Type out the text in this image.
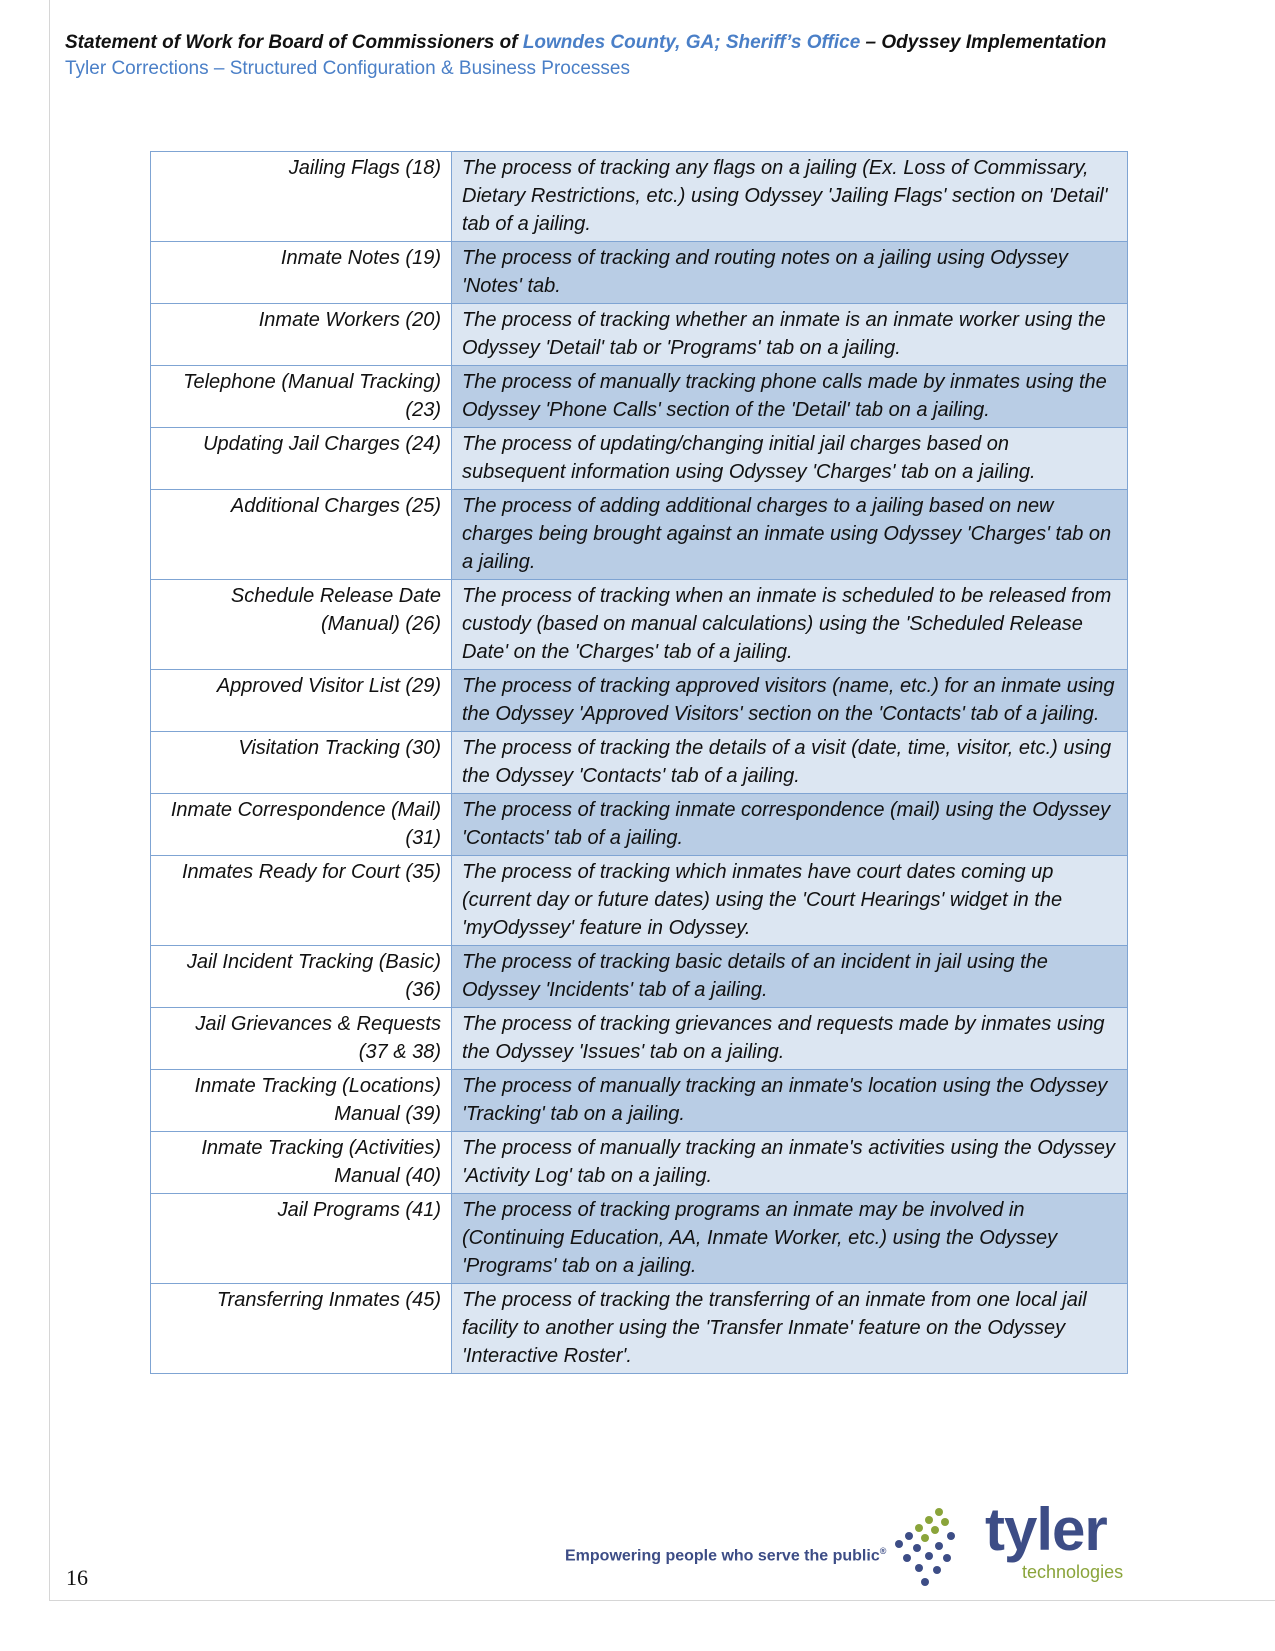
Statement of Work for Board of Commissioners of Lowndes County, GA; Sheriff’s Office – Odyssey Implementation
Tyler Corrections – Structured Configuration & Business Processes
Jailing Flags (18)	The process of tracking any flags on a jailing (Ex. Loss of Commissary, Dietary Restrictions, etc.) using Odyssey 'Jailing Flags' section on 'Detail' tab of a jailing.
Inmate Notes (19)	The process of tracking and routing notes on a jailing using Odyssey 'Notes' tab.
Inmate Workers (20)	The process of tracking whether an inmate is an inmate worker using the Odyssey 'Detail' tab or 'Programs' tab on a jailing.
Telephone (Manual Tracking) (23)	The process of manually tracking phone calls made by inmates using the Odyssey 'Phone Calls' section of the 'Detail' tab on a jailing.
Updating Jail Charges (24)	The process of updating/changing initial jail charges based on subsequent information using Odyssey 'Charges' tab on a jailing.
Additional Charges (25)	The process of adding additional charges to a jailing based on new charges being brought against an inmate using Odyssey 'Charges' tab on a jailing.
Schedule Release Date (Manual) (26)	The process of tracking when an inmate is scheduled to be released from custody (based on manual calculations) using the 'Scheduled Release Date' on the 'Charges' tab of a jailing.
Approved Visitor List (29)	The process of tracking approved visitors (name, etc.) for an inmate using the Odyssey 'Approved Visitors' section on the 'Contacts' tab of a jailing.
Visitation Tracking (30)	The process of tracking the details of a visit (date, time, visitor, etc.) using the Odyssey 'Contacts' tab of a jailing.
Inmate Correspondence (Mail) (31)	The process of tracking inmate correspondence (mail) using the Odyssey 'Contacts' tab of a jailing.
Inmates Ready for Court (35)	The process of tracking which inmates have court dates coming up (current day or future dates) using the 'Court Hearings' widget in the 'myOdyssey' feature in Odyssey.
Jail Incident Tracking (Basic) (36)	The process of tracking basic details of an incident in jail using the Odyssey 'Incidents' tab of a jailing.
Jail Grievances & Requests (37 & 38)	The process of tracking grievances and requests made by inmates using the Odyssey 'Issues' tab on a jailing.
Inmate Tracking (Locations) Manual (39)	The process of manually tracking an inmate's location using the Odyssey 'Tracking' tab on a jailing.
Inmate Tracking (Activities) Manual (40)	The process of manually tracking an inmate's activities using the Odyssey 'Activity Log' tab on a jailing.
Jail Programs (41)	The process of tracking programs an inmate may be involved in (Continuing Education, AA, Inmate Worker, etc.) using the Odyssey 'Programs' tab on a jailing.
Transferring Inmates (45)	The process of tracking the transferring of an inmate from one local jail facility to another using the 'Transfer Inmate' feature on the Odyssey 'Interactive Roster'.
16
Empowering people who serve the public® tyler
technologies
